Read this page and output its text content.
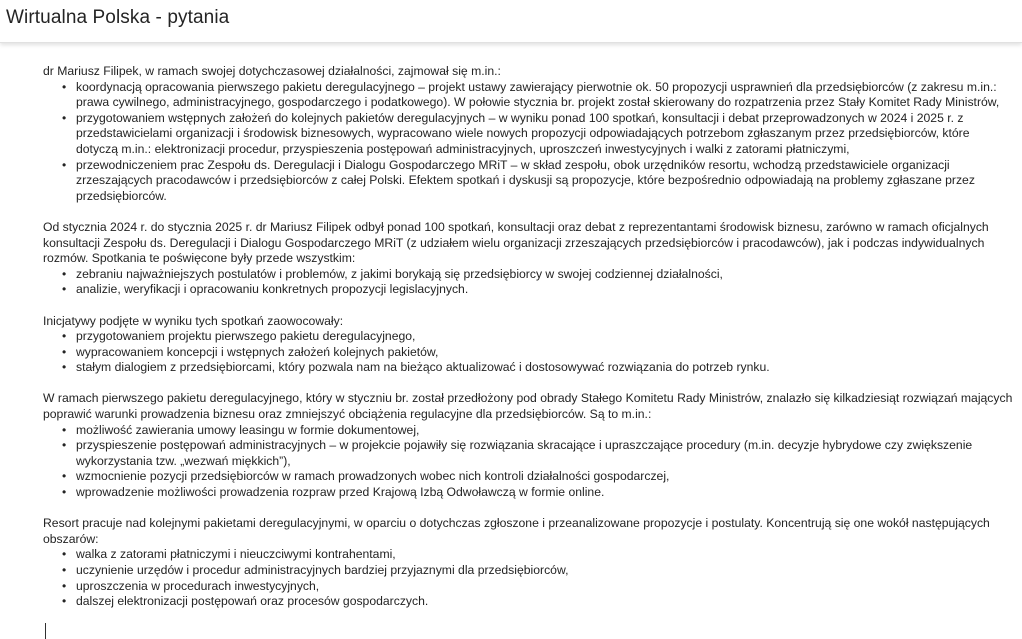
Wirtualna Polska - pytania

dr Mariusz Filipek, w ramach swojej dotychczasowej działalności, zajmował się m.in.:

• koordynacją opracowania pierwszego pakietu deregulacyjnego – projekt ustawy zawierający pierwotnie ok. 50 propozycji usprawnień dla przedsiębiorców (z zakresu m.in.: prawa cywilnego, administracyjnego, gospodarczego i podatkowego). W połowie stycznia br. projekt został skierowany do rozpatrzenia przez Stały Komitet Rady Ministrów,
• przygotowaniem wstępnych założeń do kolejnych pakietów deregulacyjnych – w wyniku ponad 100 spotkań, konsultacji i debat przeprowadzonych w 2024 i 2025 r. z przedstawicielami organizacji i środowisk biznesowych, wypracowano wiele nowych propozycji odpowiadających potrzebom zgłaszanym przez przedsiębiorców, które dotyczą m.in.: elektronizacji procedur, przyspieszenia postępowań administracyjnych, uproszczeń inwestycyjnych i walki z zatorami płatniczymi,
• przewodniczeniem prac Zespołu ds. Deregulacji i Dialogu Gospodarczego MRiT – w skład zespołu, obok urzędników resortu, wchodzą przedstawiciele organizacji zrzeszających pracodawców i przedsiębiorców z całej Polski. Efektem spotkań i dyskusji są propozycje, które bezpośrednio odpowiadają na problemy zgłaszane przez przedsiębiorców.

Od stycznia 2024 r. do stycznia 2025 r. dr Mariusz Filipek odbył ponad 100 spotkań, konsultacji oraz debat z reprezentantami środowisk biznesu, zarówno w ramach oficjalnych konsultacji Zespołu ds. Deregulacji i Dialogu Gospodarczego MRiT (z udziałem wielu organizacji zrzeszających przedsiębiorców i pracodawców), jak i podczas indywidualnych rozmów. Spotkania te poświęcone były przede wszystkim:

• zebraniu najważniejszych postulatów i problemów, z jakimi borykają się przedsiębiorcy w swojej codziennej działalności,
• analizie, weryfikacji i opracowaniu konkretnych propozycji legislacyjnych.

Inicjatywy podjęte w wyniku tych spotkań zaowocowały:

• przygotowaniem projektu pierwszego pakietu deregulacyjnego,
• wypracowaniem koncepcji i wstępnych założeń kolejnych pakietów,
• stałym dialogiem z przedsiębiorcami, który pozwala nam na bieżąco aktualizować i dostosowywać rozwiązania do potrzeb rynku.

W ramach pierwszego pakietu deregulacyjnego, który w styczniu br. został przedłożony pod obrady Stałego Komitetu Rady Ministrów, znalazło się kilkadziesiąt rozwiązań mających poprawić warunki prowadzenia biznesu oraz zmniejszyć obciążenia regulacyjne dla przedsiębiorców. Są to m.in.:

• możliwość zawierania umowy leasingu w formie dokumentowej,
• przyspieszenie postępowań administracyjnych – w projekcie pojawiły się rozwiązania skracające i upraszczające procedury (m.in. decyzje hybrydowe czy zwiększenie wykorzystania tzw. „wezwań miękkich”),
• wzmocnienie pozycji przedsiębiorców w ramach prowadzonych wobec nich kontroli działalności gospodarczej,
• wprowadzenie możliwości prowadzenia rozpraw przed Krajową Izbą Odwoławczą w formie online.

Resort pracuje nad kolejnymi pakietami deregulacyjnymi, w oparciu o dotychczas zgłoszone i przeanalizowane propozycje i postulaty. Koncentrują się one wokół następujących obszarów:

• walka z zatorami płatniczymi i nieuczciwymi kontrahentami,
• uczynienie urzędów i procedur administracyjnych bardziej przyjaznymi dla przedsiębiorców,
• uproszczenia w procedurach inwestycyjnych,
• dalszej elektronizacji postępowań oraz procesów gospodarczych.
